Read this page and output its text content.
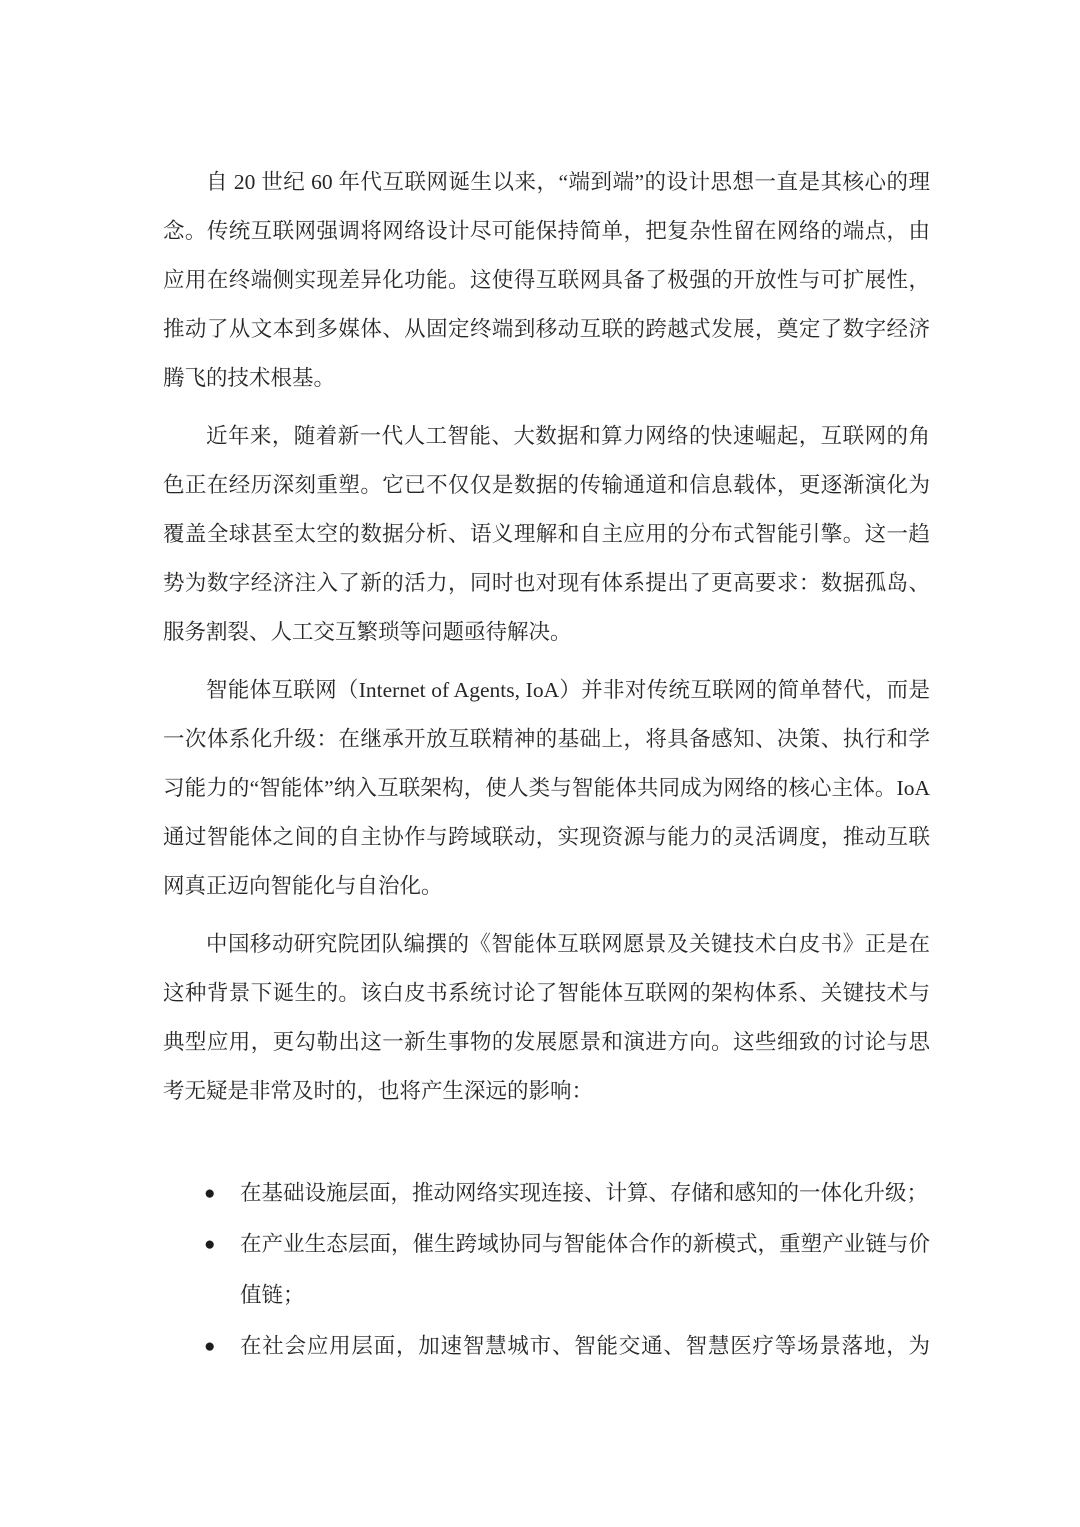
自 20 世纪 60 年代互联网诞生以来，“端到端”的设计思想一直是其核心的理念。传统互联网强调将网络设计尽可能保持简单，把复杂性留在网络的端点，由应用在终端侧实现差异化功能。这使得互联网具备了极强的开放性与可扩展性，推动了从文本到多媒体、从固定终端到移动互联的跨越式发展，奠定了数字经济腾飞的技术根基。

近年来，随着新一代人工智能、大数据和算力网络的快速崛起，互联网的角色正在经历深刻重塑。它已不仅仅是数据的传输通道和信息载体，更逐渐演化为覆盖全球甚至太空的数据分析、语义理解和自主应用的分布式智能引擎。这一趋势为数字经济注入了新的活力，同时也对现有体系提出了更高要求：数据孤岛、服务割裂、人工交互繁琐等问题亟待解决。

智能体互联网（Internet of Agents, IoA）并非对传统互联网的简单替代，而是一次体系化升级：在继承开放互联精神的基础上，将具备感知、决策、执行和学习能力的“智能体”纳入互联架构，使人类与智能体共同成为网络的核心主体。IoA 通过智能体之间的自主协作与跨域联动，实现资源与能力的灵活调度，推动互联网真正迈向智能化与自治化。

中国移动研究院团队编撰的《智能体互联网愿景及关键技术白皮书》正是在这种背景下诞生的。该白皮书系统讨论了智能体互联网的架构体系、关键技术与典型应用，更勾勒出这一新生事物的发展愿景和演进方向。这些细致的讨论与思考无疑是非常及时的，也将产生深远的影响：

●	在基础设施层面，推动网络实现连接、计算、存储和感知的一体化升级；
●	在产业生态层面，催生跨域协同与智能体合作的新模式，重塑产业链与价值链；
●	在社会应用层面，加速智慧城市、智能交通、智慧医疗等场景落地，为
